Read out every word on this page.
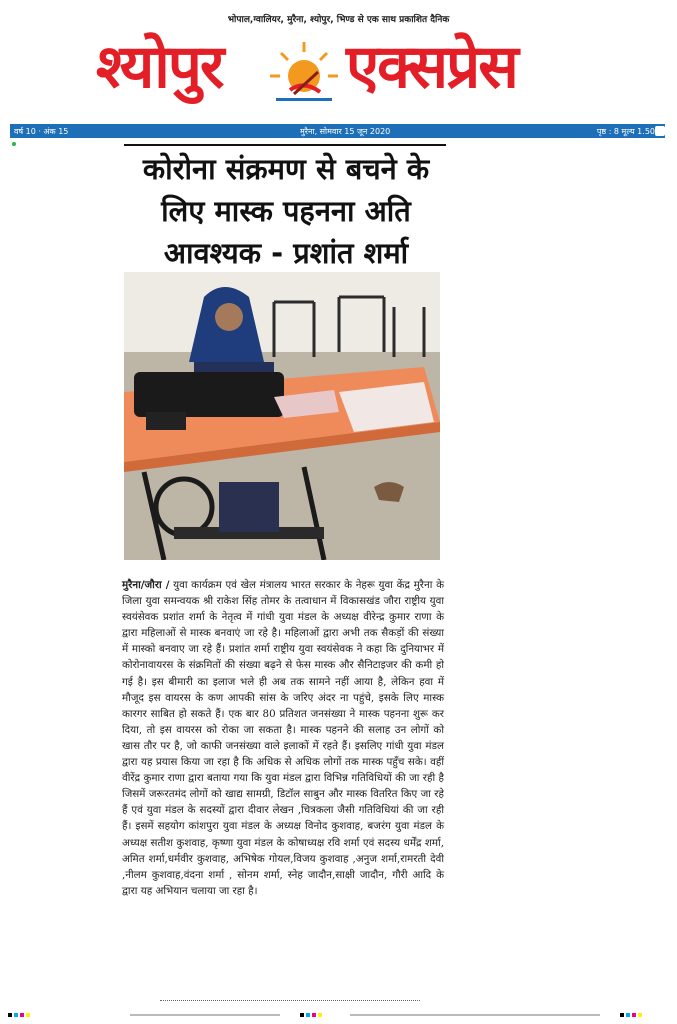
भोपाल,ग्वालियर, मुरैना, श्योपुर, भिण्ड से एक साथ प्रकाशित दैनिक
श्योपुर एक्सप्रेस
वर्ष 10 · अंक 15	मुरैना, सोमवार 15 जून 2020	पृष्ठ : 8 मूल्य 1.50
कोरोना संक्रमण से बचने के लिए मास्क पहनना अति आवश्यक - प्रशांत शर्मा
मुरैना/जौरा / युवा कार्यक्रम एवं खेल मंत्रालय भारत सरकार के नेहरू युवा केंद्र मुरैना के जिला युवा समन्वयक श्री राकेश सिंह तोमर के तत्वाधान में विकासखंड जौरा राष्ट्रीय युवा स्वयंसेवक प्रशांत शर्मा के नेतृत्व में गांधी युवा मंडल के अध्यक्ष वीरेन्द्र कुमार राणा के द्वारा महिलाओं से मास्क बनवाएं जा रहे है। महिलाओं द्वारा अभी तक सैकड़ों की संख्या में मास्को बनवाए जा रहे हैं। प्रशांत शर्मा राष्ट्रीय युवा स्वयंसेवक ने कहा कि दुनियाभर में कोरोनावायरस के संक्रमितों की संख्या बढ़ने से फेस मास्क और सैनिटाइजर की कमी हो गई है। इस बीमारी का इलाज भले ही अब तक सामने नहीं आया है, लेकिन हवा में मौजूद इस वायरस के कण आपकी सांस के जरिए अंदर ना पहुंचे, इसके लिए मास्क कारगर साबित हो सकते हैं। एक बार 80 प्रतिशत जनसंख्या ने मास्क पहनना शुरू कर दिया, तो इस वायरस को रोका जा सकता है। मास्क पहनने की सलाह उन लोगों को खास तौर पर है, जो काफी जनसंख्या वाले इलाकों में रहते हैं। इसलिए गांधी युवा मंडल द्वारा यह प्रयास किया जा रहा है कि अधिक से अधिक लोगों तक मास्क पहुँच सके। वहीं वीरेंद्र कुमार राणा द्वारा बताया गया कि युवा मंडल द्वारा विभिन्न गतिविधियों की जा रही है जिसमें जरूरतमंद लोगों को खाद्य सामग्री, डिटॉल साबुन और मास्क वितरित किए जा रहे हैं एवं युवा मंडल के सदस्यों द्वारा दीवार लेखन ,चित्रकला जैसी गतिविधियां की जा रही हैं। इसमें सहयोग कांशपुरा युवा मंडल के अध्यक्ष विनोद कुशवाह, बजरंग युवा मंडल के अध्यक्ष सतीश कुशवाह, कृष्णा युवा मंडल के कोषाध्यक्ष रवि शर्मा एवं सदस्य धर्मेंद्र शर्मा, अमित शर्मा,धर्मवीर कुशवाह, अभिषेक गोयल,विजय कुशवाह ,अनुज शर्मा,रामरती देवी ,नीलम कुशवाह,वंदना शर्मा , सोनम शर्मा, स्नेह जादौन,साक्षी जादौन, गौरी आदि के द्वारा यह अभियान चलाया जा रहा है।
